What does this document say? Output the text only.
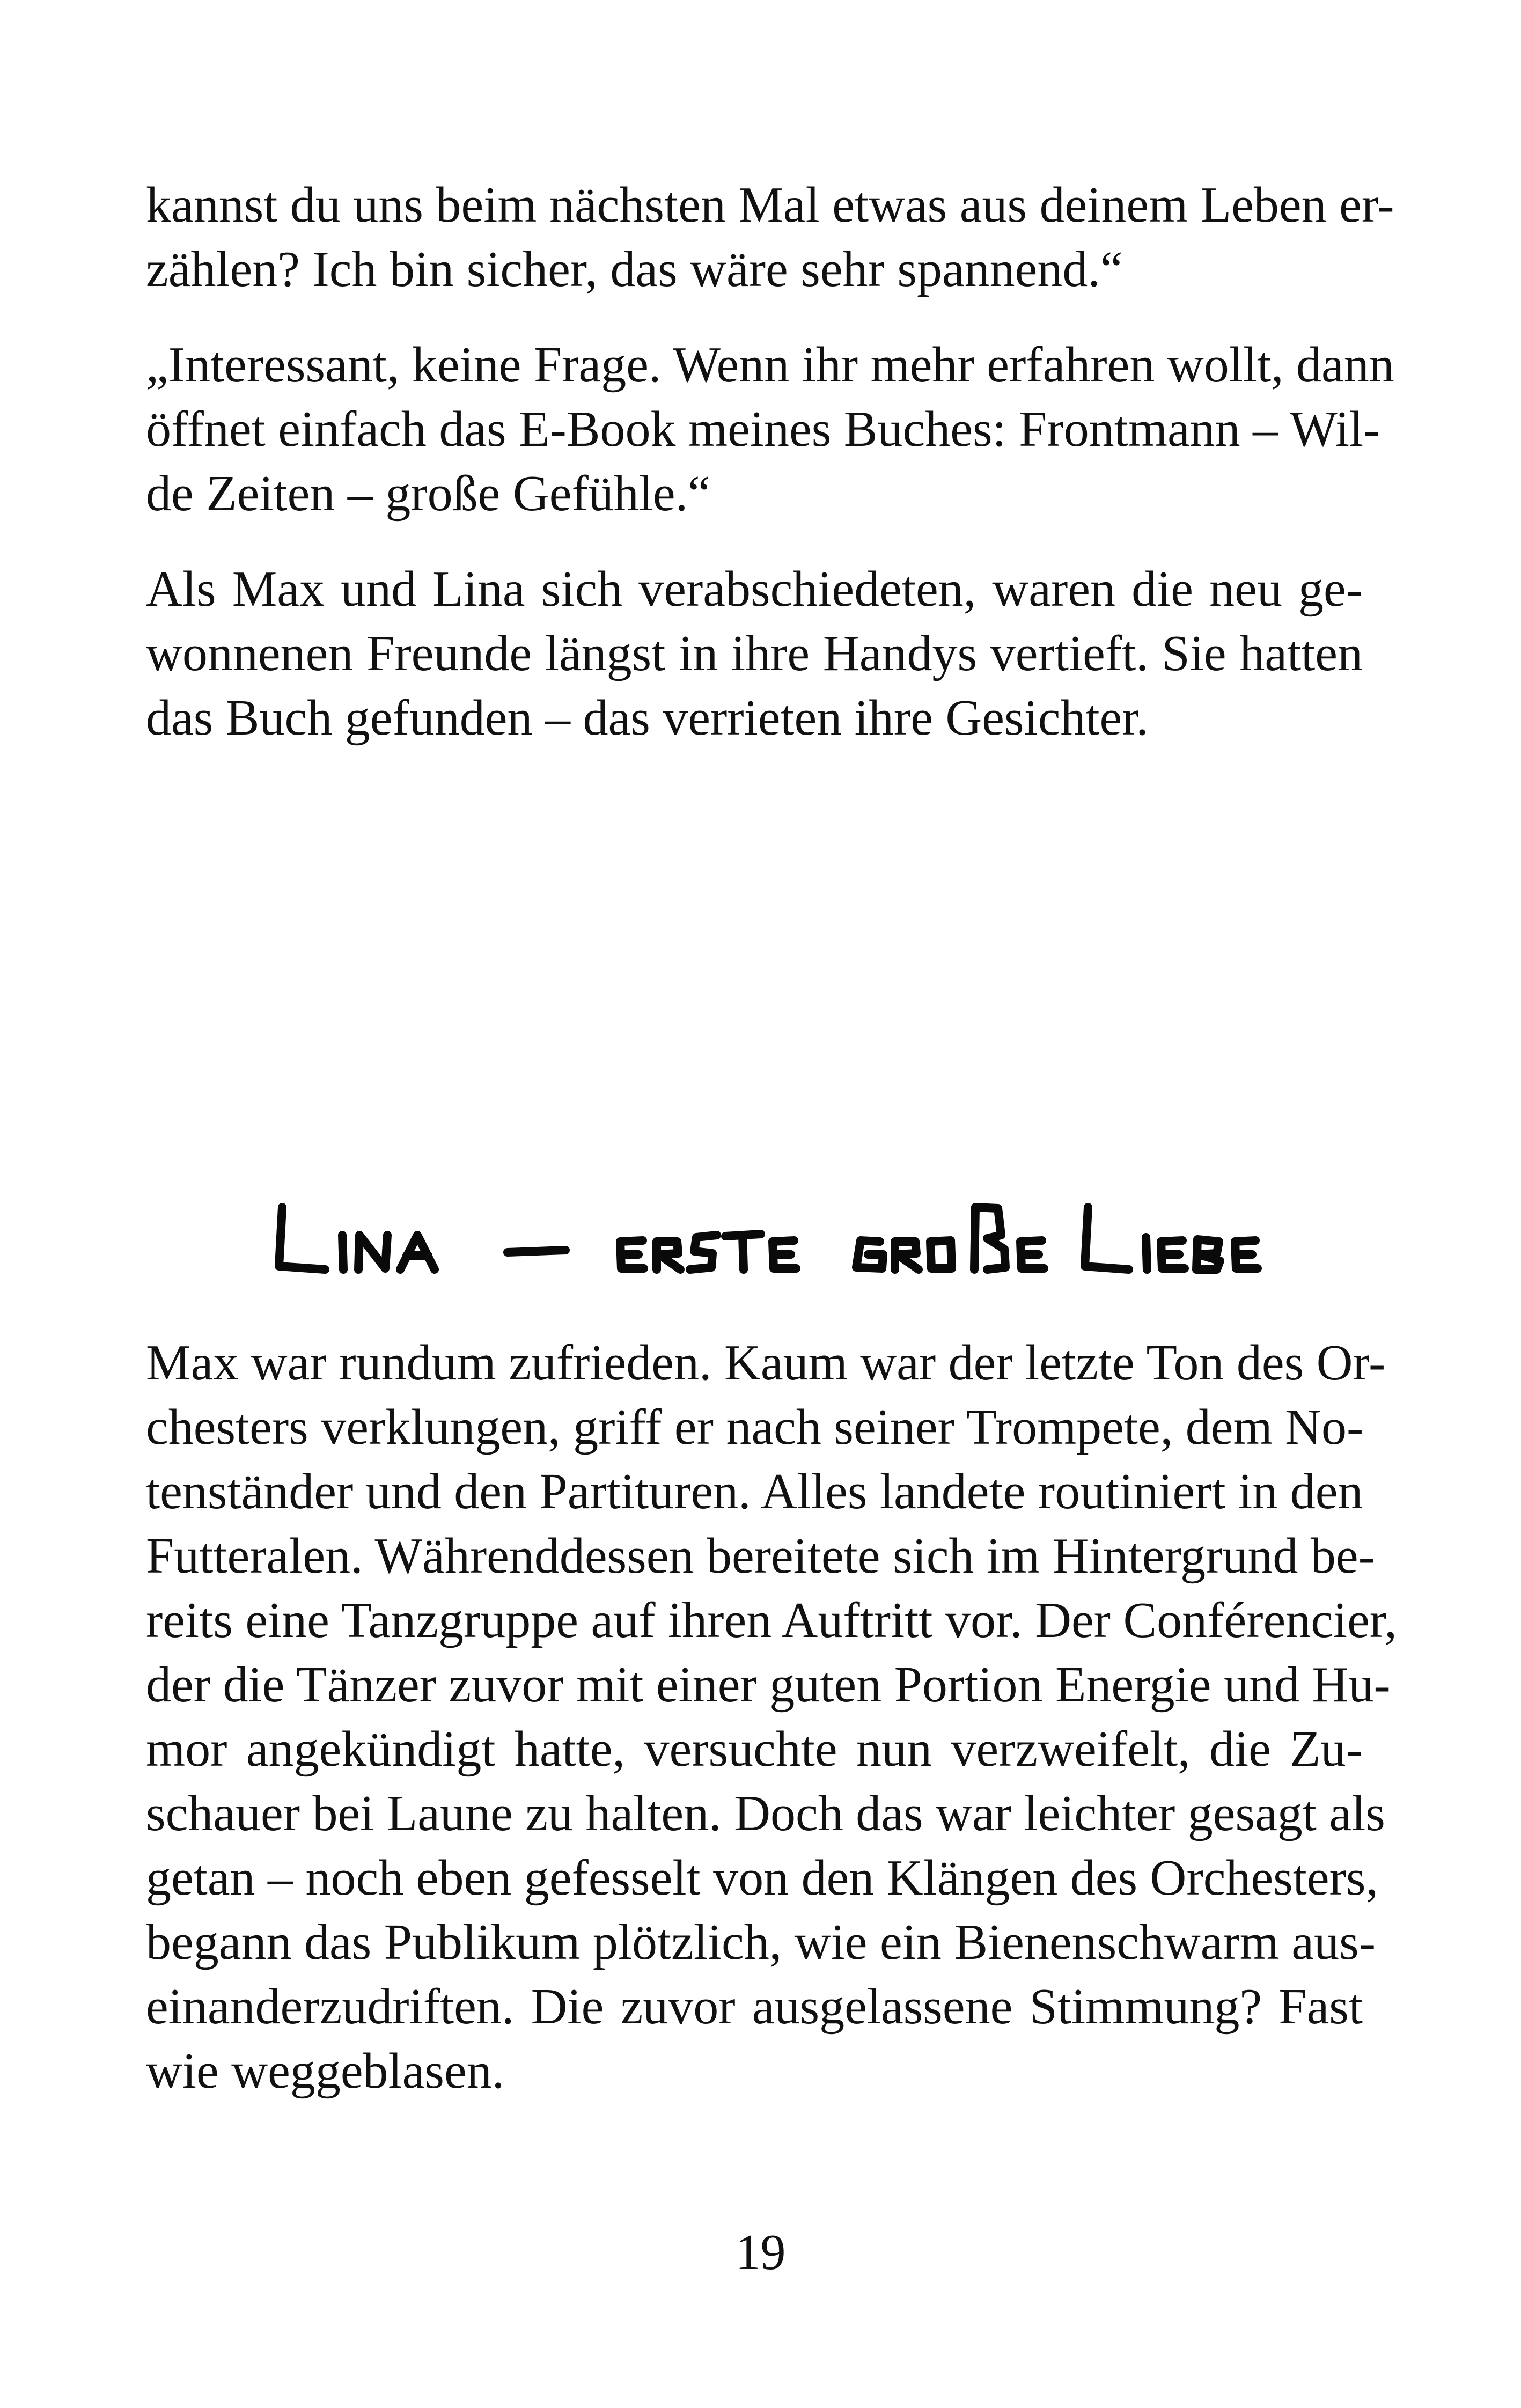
kannst du uns beim nächsten Mal etwas aus deinem Leben er-
zählen? Ich bin sicher, das wäre sehr spannend.“

„Interessant, keine Frage. Wenn ihr mehr erfahren wollt, dann
öffnet einfach das E-Book meines Buches: Frontmann – Wil-
de Zeiten – große Gefühle.“

Als Max und Lina sich verabschiedeten, waren die neu ge-
wonnenen Freunde längst in ihre Handys vertieft. Sie hatten
das Buch gefunden – das verrieten ihre Gesichter.

Max war rundum zufrieden. Kaum war der letzte Ton des Or-
chesters verklungen, griff er nach seiner Trompete, dem No-
tenständer und den Partituren. Alles landete routiniert in den
Futteralen. Währenddessen bereitete sich im Hintergrund be-
reits eine Tanzgruppe auf ihren Auftritt vor. Der Conférencier,
der die Tänzer zuvor mit einer guten Portion Energie und Hu-
mor angekündigt hatte, versuchte nun verzweifelt, die Zu-
schauer bei Laune zu halten. Doch das war leichter gesagt als
getan – noch eben gefesselt von den Klängen des Orchesters,
begann das Publikum plötzlich, wie ein Bienenschwarm aus-
einanderzudriften. Die zuvor ausgelassene Stimmung? Fast
wie weggeblasen.

19
